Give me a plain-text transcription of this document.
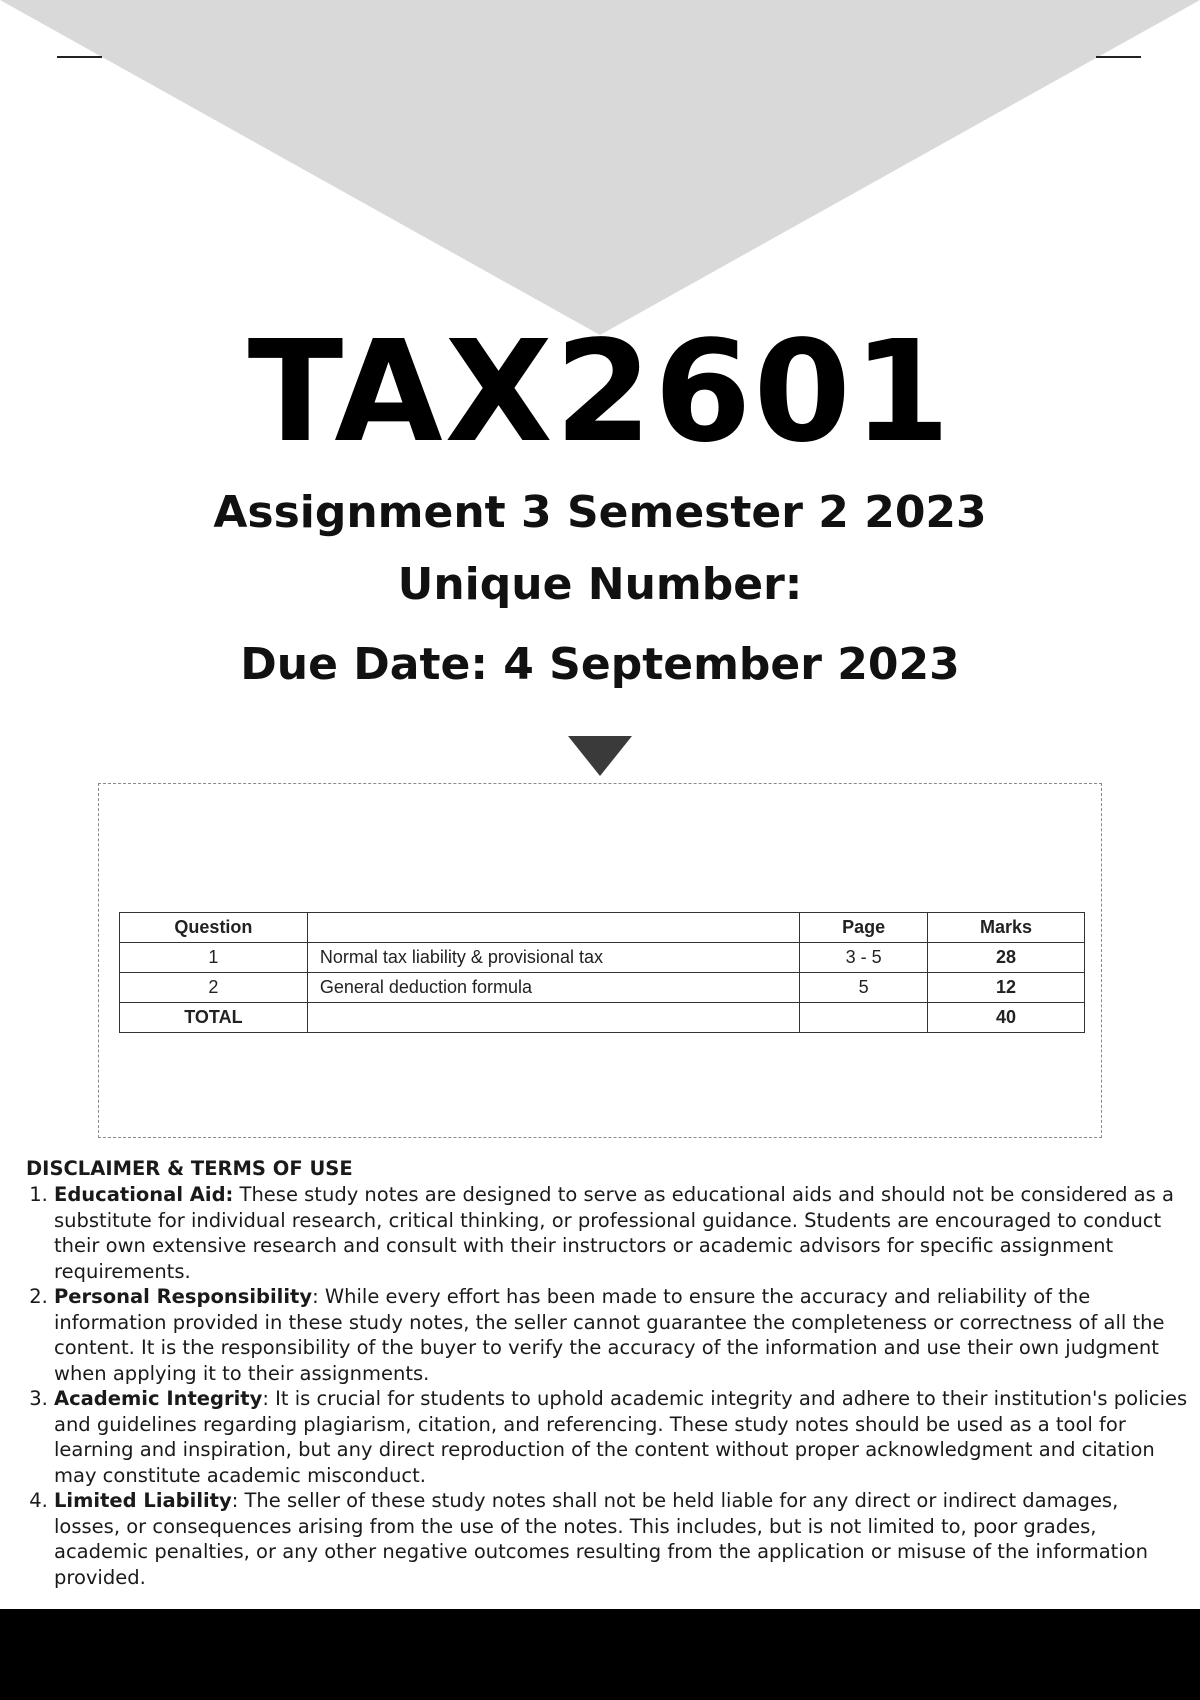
TAX2601
Assignment 3 Semester 2 2023
Unique Number:
Due Date: 4 September 2023
Question		Page	Marks
1	Normal tax liability & provisional tax	3 - 5	28
2	General deduction formula	5	12
TOTAL			40
DISCLAIMER & TERMS OF USE
1. Educational Aid: These study notes are designed to serve as educational aids and should not be considered as a substitute for individual research, critical thinking, or professional guidance. Students are encouraged to conduct their own extensive research and consult with their instructors or academic advisors for specific assignment requirements.
2. Personal Responsibility: While every effort has been made to ensure the accuracy and reliability of the information provided in these study notes, the seller cannot guarantee the completeness or correctness of all the content. It is the responsibility of the buyer to verify the accuracy of the information and use their own judgment when applying it to their assignments.
3. Academic Integrity: It is crucial for students to uphold academic integrity and adhere to their institution's policies and guidelines regarding plagiarism, citation, and referencing. These study notes should be used as a tool for learning and inspiration, but any direct reproduction of the content without proper acknowledgment and citation may constitute academic misconduct.
4. Limited Liability: The seller of these study notes shall not be held liable for any direct or indirect damages, losses, or consequences arising from the use of the notes. This includes, but is not limited to, poor grades, academic penalties, or any other negative outcomes resulting from the application or misuse of the information provided.
